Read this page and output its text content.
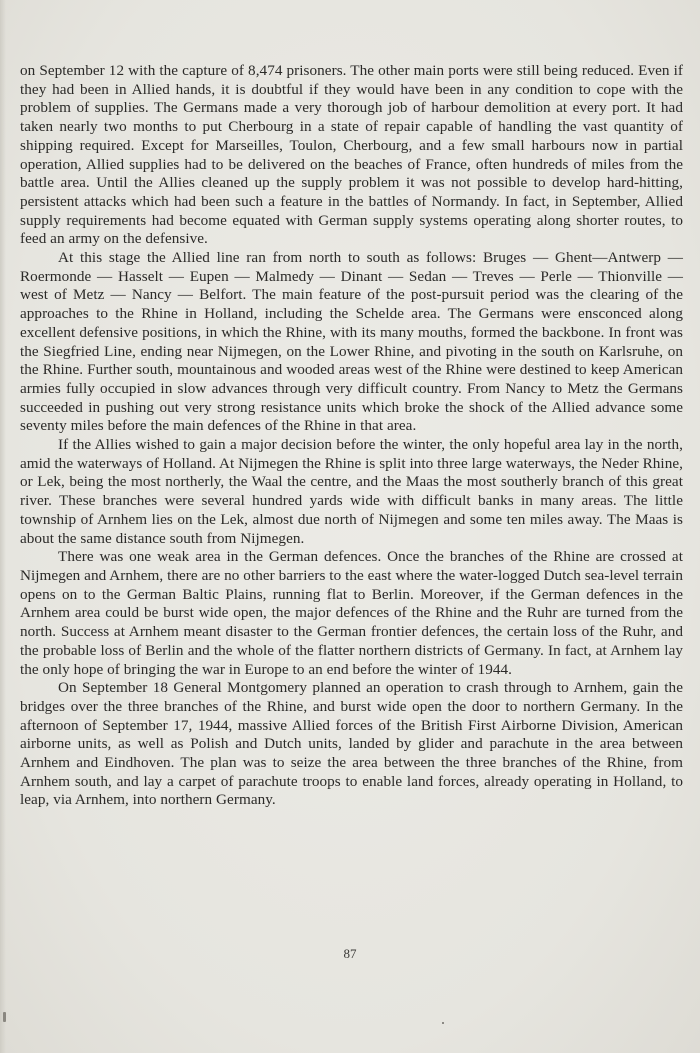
on September 12 with the capture of 8,474 prisoners. The other main ports were still being reduced. Even if they had been in Allied hands, it is doubtful if they would have been in any condition to cope with the problem of supplies. The Germans made a very thorough job of harbour demolition at every port. It had taken nearly two months to put Cherbourg in a state of repair capable of handling the vast quantity of shipping required. Except for Marseilles, Toulon, Cherbourg, and a few small harbours now in partial operation, Allied supplies had to be delivered on the beaches of France, often hundreds of miles from the battle area. Until the Allies cleaned up the supply problem it was not possible to develop hard-hitting, persistent attacks which had been such a feature in the battles of Normandy. In fact, in September, Allied supply requirements had become equated with German supply systems operating along shorter routes, to feed an army on the defensive.

At this stage the Allied line ran from north to south as follows: Bruges — Ghent—Antwerp — Roermonde — Hasselt — Eupen — Malmedy — Dinant — Sedan — Treves — Perle — Thionville — west of Metz — Nancy — Belfort. The main feature of the post-pursuit period was the clearing of the approaches to the Rhine in Holland, including the Schelde area. The Germans were ensconced along excellent defensive positions, in which the Rhine, with its many mouths, formed the backbone. In front was the Siegfried Line, ending near Nijmegen, on the Lower Rhine, and pivoting in the south on Karlsruhe, on the Rhine. Further south, mountainous and wooded areas west of the Rhine were destined to keep American armies fully occupied in slow advances through very difficult country. From Nancy to Metz the Germans succeeded in pushing out very strong resistance units which broke the shock of the Allied advance some seventy miles before the main defences of the Rhine in that area.

If the Allies wished to gain a major decision before the winter, the only hopeful area lay in the north, amid the waterways of Holland. At Nijmegen the Rhine is split into three large waterways, the Neder Rhine, or Lek, being the most northerly, the Waal the centre, and the Maas the most southerly branch of this great river. These branches were several hundred yards wide with difficult banks in many areas. The little township of Arnhem lies on the Lek, almost due north of Nijmegen and some ten miles away. The Maas is about the same distance south from Nijmegen.

There was one weak area in the German defences. Once the branches of the Rhine are crossed at Nijmegen and Arnhem, there are no other barriers to the east where the water-logged Dutch sea-level terrain opens on to the German Baltic Plains, running flat to Berlin. Moreover, if the German defences in the Arnhem area could be burst wide open, the major defences of the Rhine and the Ruhr are turned from the north. Success at Arnhem meant disaster to the German frontier defences, the certain loss of the Ruhr, and the probable loss of Berlin and the whole of the flatter northern districts of Germany. In fact, at Arnhem lay the only hope of bringing the war in Europe to an end before the winter of 1944.

On September 18 General Montgomery planned an operation to crash through to Arnhem, gain the bridges over the three branches of the Rhine, and burst wide open the door to northern Germany. In the afternoon of September 17, 1944, massive Allied forces of the British First Airborne Division, American airborne units, as well as Polish and Dutch units, landed by glider and parachute in the area between Arnhem and Eindhoven. The plan was to seize the area between the three branches of the Rhine, from Arnhem south, and lay a carpet of parachute troops to enable land forces, already operating in Holland, to leap, via Arnhem, into northern Germany.

87
